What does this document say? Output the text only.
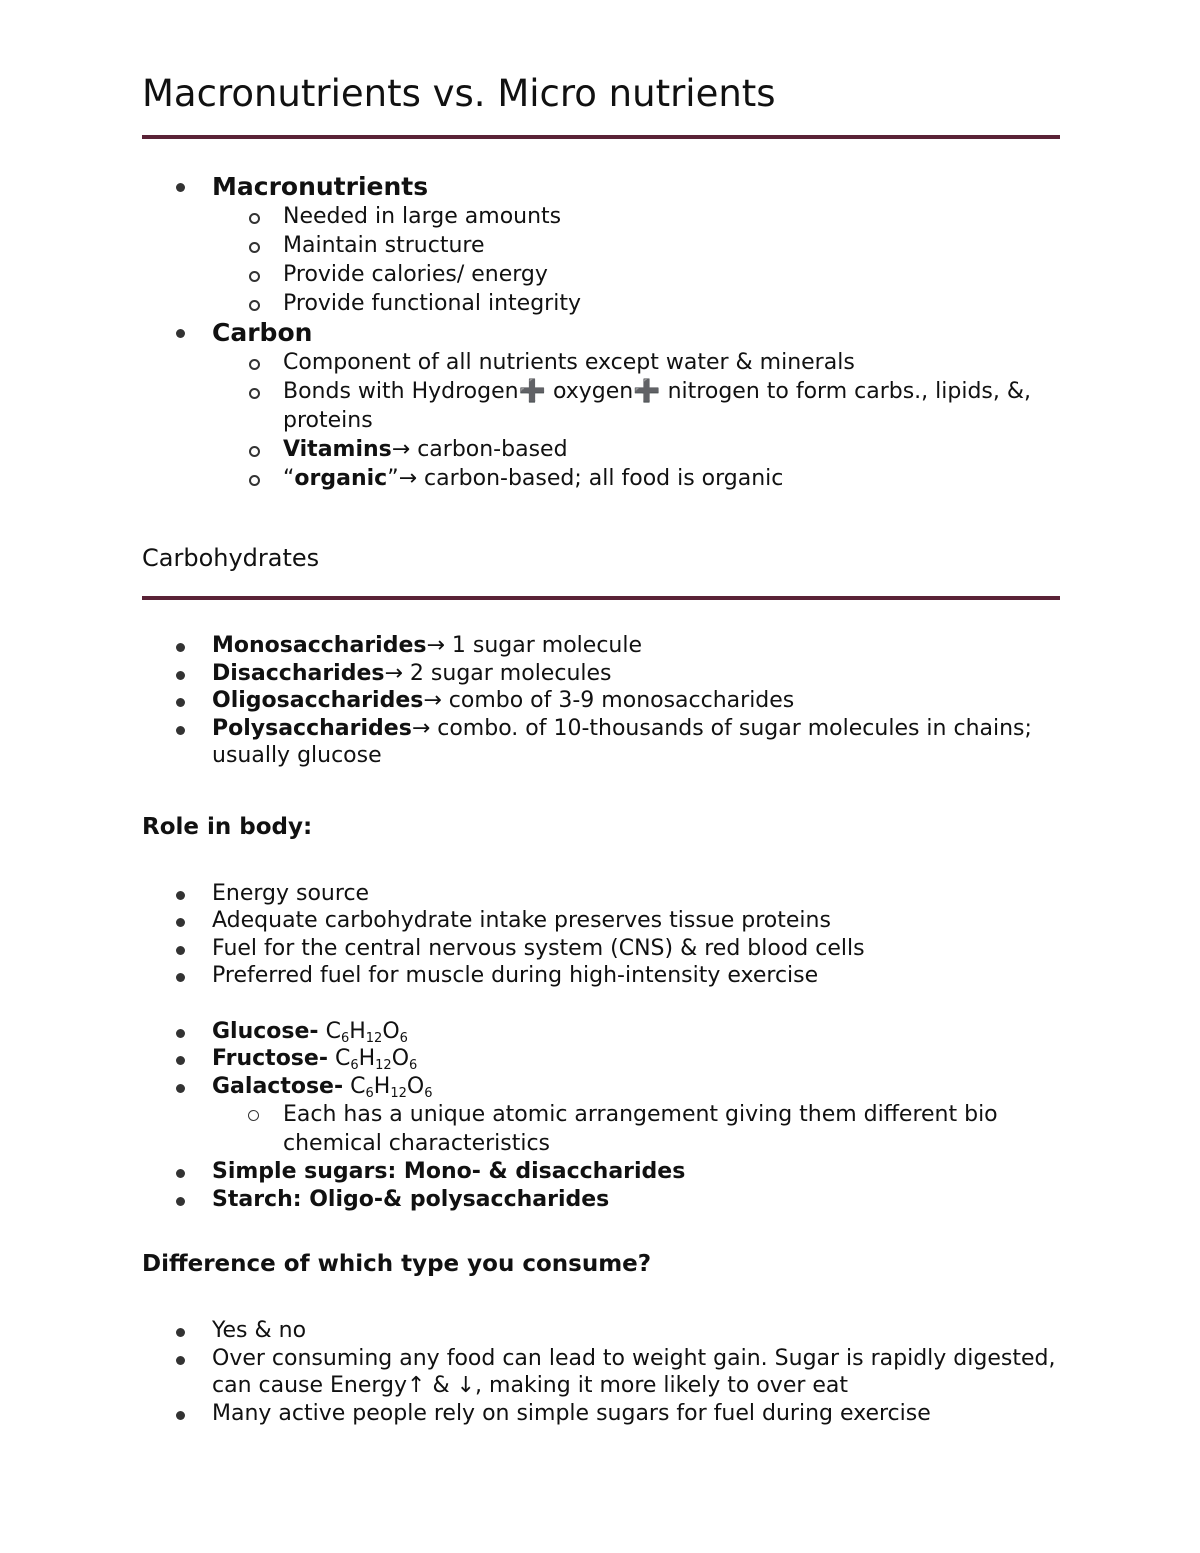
Macronutrients vs. Micro nutrients
Macronutrients
Needed in large amounts
Maintain structure
Provide calories/ energy
Provide functional integrity
Carbon
Component of all nutrients except water & minerals
Bonds with Hydrogen➕ oxygen➕ nitrogen to form carbs., lipids, &, proteins
Vitamins→ carbon-based
“organic”→ carbon-based; all food is organic
Carbohydrates
Monosaccharides→ 1 sugar molecule
Disaccharides→ 2 sugar molecules
Oligosaccharides→ combo of 3-9 monosaccharides
Polysaccharides→ combo. of 10-thousands of sugar molecules in chains; usually glucose
Role in body:
Energy source
Adequate carbohydrate intake preserves tissue proteins
Fuel for the central nervous system (CNS) & red blood cells
Preferred fuel for muscle during high-intensity exercise
Glucose- $C_6H_{12}O_6$
Fructose- $C_6H_{12}O_6$
Galactose- $C_6H_{12}O_6$
Each has a unique atomic arrangement giving them different bio chemical characteristics
Simple sugars: Mono- & disaccharides
Starch: Oligo-& polysaccharides
Difference of which type you consume?
Yes & no
Over consuming any food can lead to weight gain. Sugar is rapidly digested, can cause Energy↑ & ↓, making it more likely to over eat
Many active people rely on simple sugars for fuel during exercise
